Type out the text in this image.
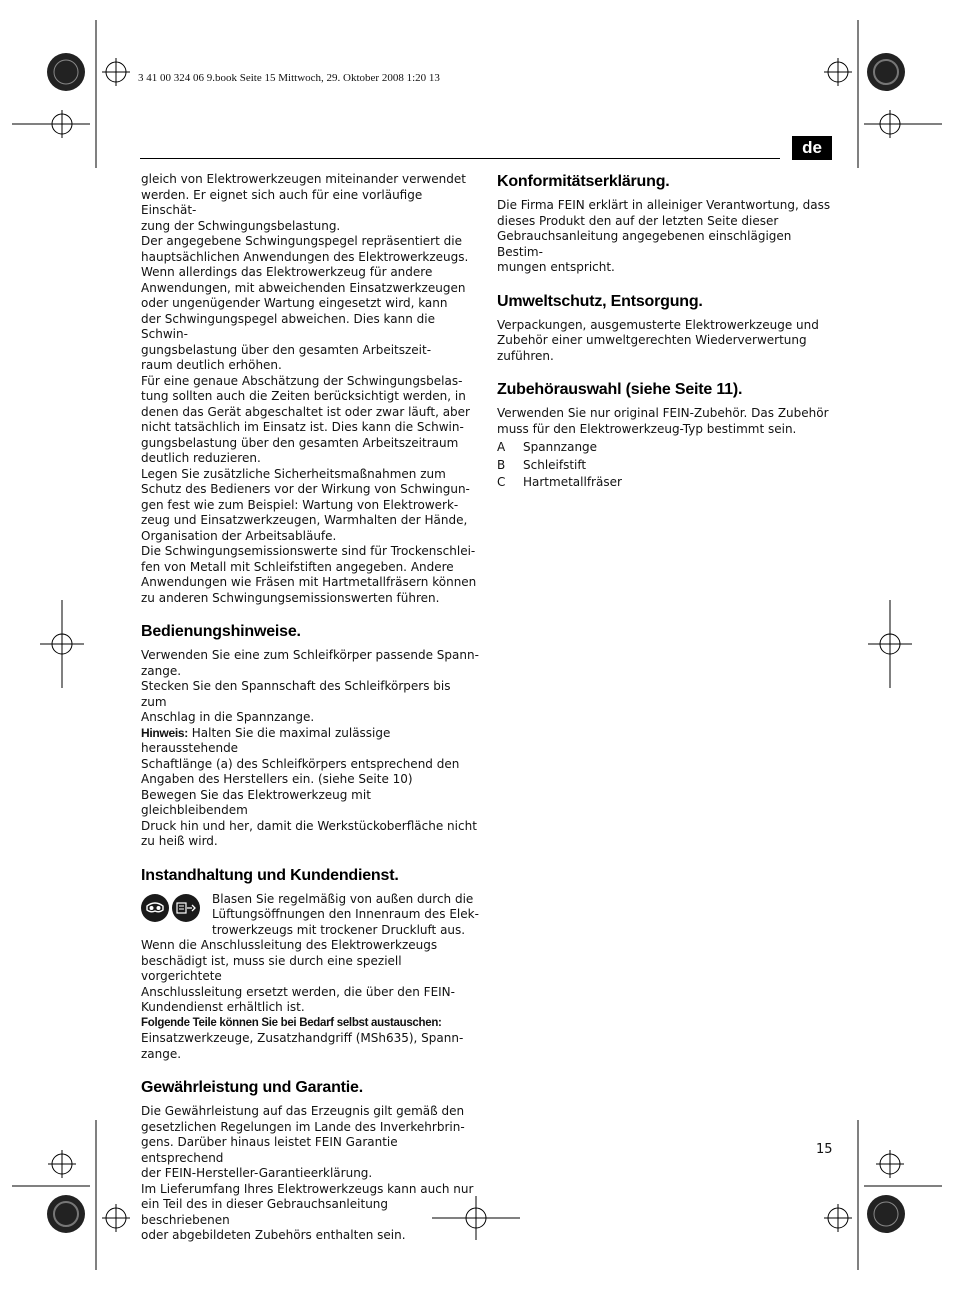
3 41 00 324 06 9.book Seite 15 Mittwoch, 29. Oktober 2008 1:20 13
de

gleich von Elektrowerkzeugen miteinander verwendet
werden. Er eignet sich auch für eine vorläufige Einschät-
zung der Schwingungsbelastung.

Der angegebene Schwingungspegel repräsentiert die
hauptsächlichen Anwendungen des Elektrowerkzeugs.
Wenn allerdings das Elektrowerkzeug für andere
Anwendungen, mit abweichenden Einsatzwerkzeugen
oder ungenügender Wartung eingesetzt wird, kann
der Schwingungspegel abweichen. Dies kann die Schwin-
gungsbelastung über den gesamten Arbeitszeit-
raum deutlich erhöhen.

Für eine genaue Abschätzung der Schwingungsbelas-
tung sollten auch die Zeiten berücksichtigt werden, in
denen das Gerät abgeschaltet ist oder zwar läuft, aber
nicht tatsächlich im Einsatz ist. Dies kann die Schwin-
gungsbelastung über den gesamten Arbeitszeitraum
deutlich reduzieren.

Legen Sie zusätzliche Sicherheitsmaßnahmen zum
Schutz des Bedieners vor der Wirkung von Schwingun-
gen fest wie zum Beispiel: Wartung von Elektrowerk-
zeug und Einsatzwerkzeugen, Warmhalten der Hände,
Organisation der Arbeitsabläufe.

Die Schwingungsemissionswerte sind für Trockenschlei-
fen von Metall mit Schleifstiften angegeben. Andere
Anwendungen wie Fräsen mit Hartmetallfräsern können
zu anderen Schwingungsemissionswerten führen.

Bedienungshinweise.

Verwenden Sie eine zum Schleifkörper passende Spann-
zange.

Stecken Sie den Spannschaft des Schleifkörpers bis zum
Anschlag in die Spannzange.

Hinweis: Halten Sie die maximal zulässige herausstehende
Schaftlänge (a) des Schleifkörpers entsprechend den
Angaben des Herstellers ein. (siehe Seite 10)

Bewegen Sie das Elektrowerkzeug mit gleichbleibendem
Druck hin und her, damit die Werkstückoberfläche nicht
zu heiß wird.

Instandhaltung und Kundendienst.

Blasen Sie regelmäßig von außen durch die
Lüftungsöffnungen den Innenraum des Elek-
trowerkzeugs mit trockener Druckluft aus.

Wenn die Anschlussleitung des Elektrowerkzeugs
beschädigt ist, muss sie durch eine speziell vorgerichtete
Anschlussleitung ersetzt werden, die über den FEIN-
Kundendienst erhältlich ist.

Folgende Teile können Sie bei Bedarf selbst austauschen:

Einsatzwerkzeuge, Zusatzhandgriff (MSh635), Spann-
zange.

Gewährleistung und Garantie.

Die Gewährleistung auf das Erzeugnis gilt gemäß den
gesetzlichen Regelungen im Lande des Inverkehrbrin-
gens. Darüber hinaus leistet FEIN Garantie entsprechend
der FEIN-Hersteller-Garantieerklärung.

Im Lieferumfang Ihres Elektrowerkzeugs kann auch nur
ein Teil des in dieser Gebrauchsanleitung beschriebenen
oder abgebildeten Zubehörs enthalten sein.

Konformitätserklärung.

Die Firma FEIN erklärt in alleiniger Verantwortung, dass
dieses Produkt den auf der letzten Seite dieser
Gebrauchsanleitung angegebenen einschlägigen Bestim-
mungen entspricht.

Umweltschutz, Entsorgung.

Verpackungen, ausgemusterte Elektrowerkzeuge und
Zubehör einer umweltgerechten Wiederverwertung
zuführen.

Zubehörauswahl (siehe Seite 11).

Verwenden Sie nur original FEIN-Zubehör. Das Zubehör
muss für den Elektrowerkzeug-Typ bestimmt sein.

A	Spannzange
B	Schleifstift
C	Hartmetallfräser
15
